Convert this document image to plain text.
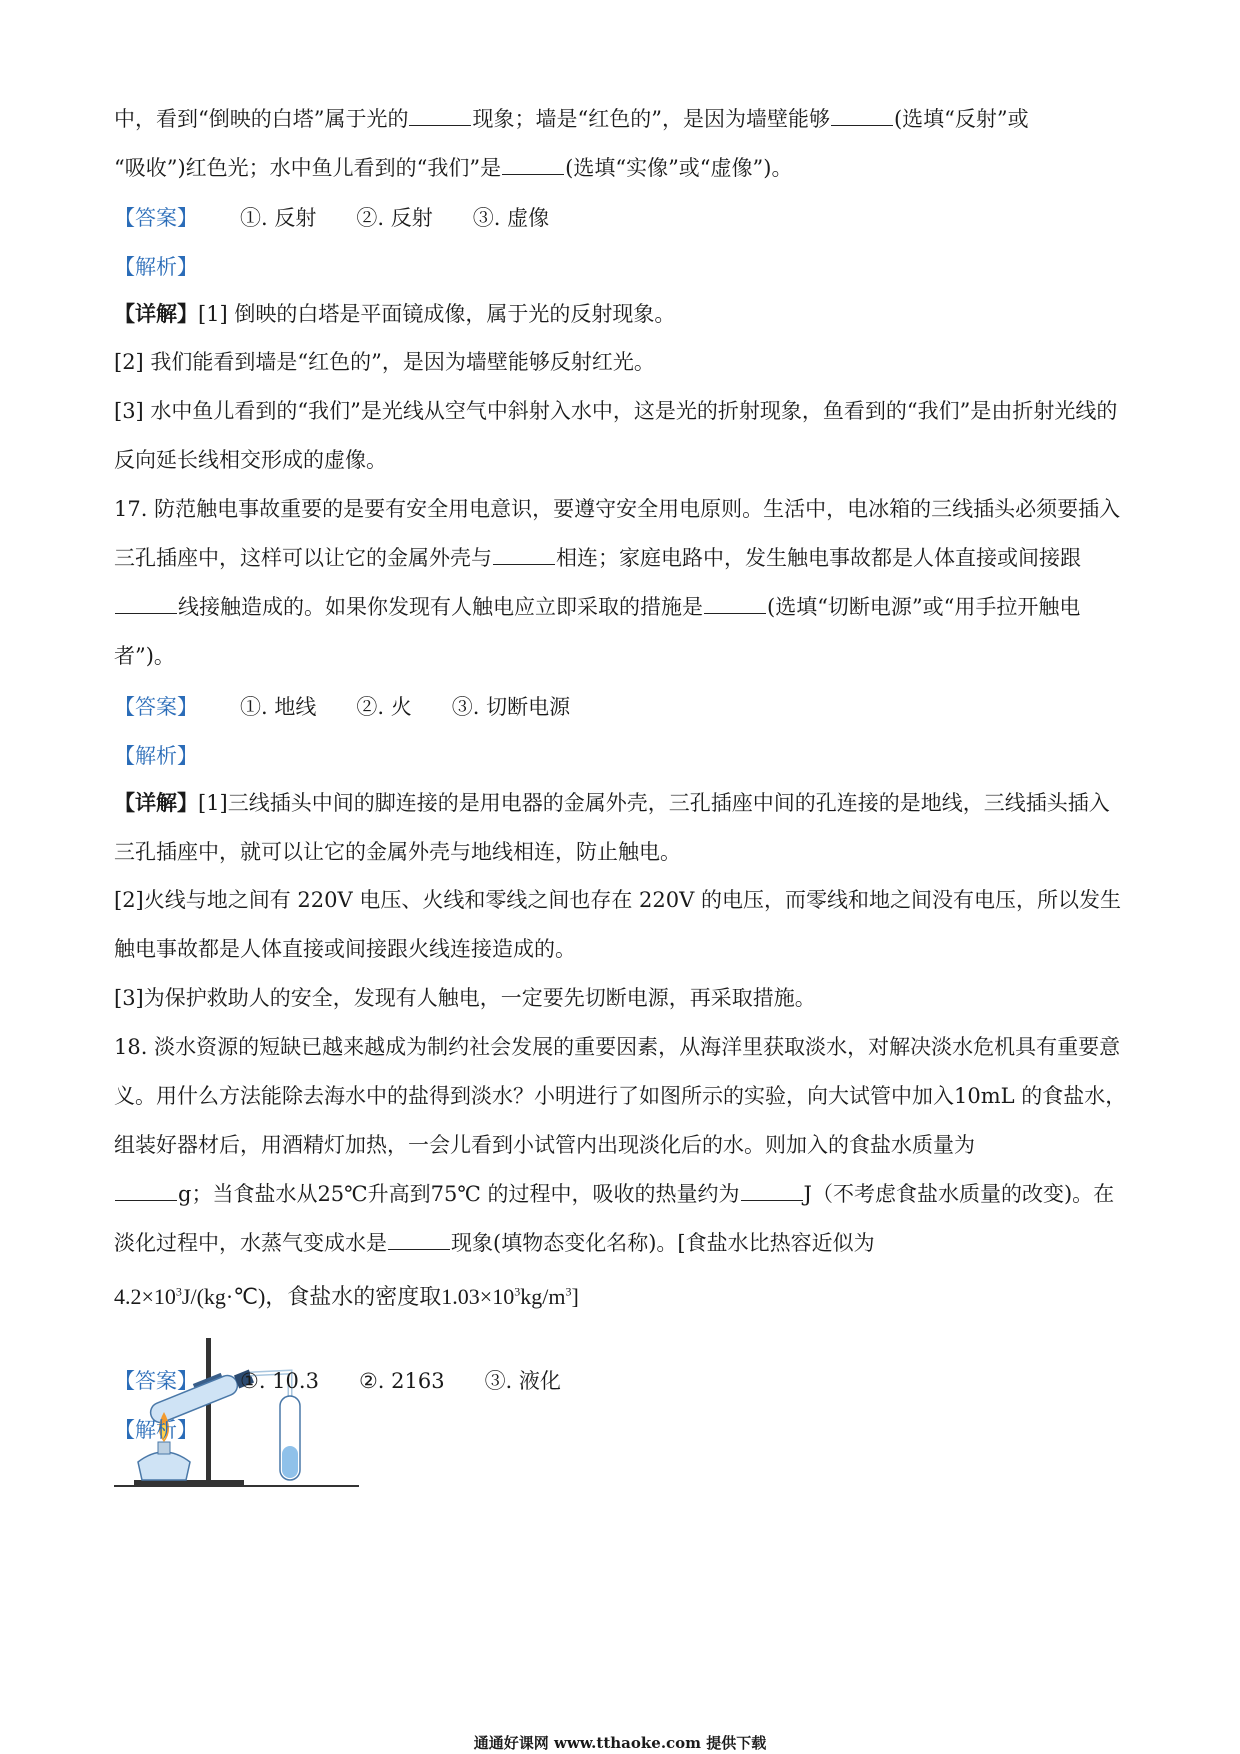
中，看到“倒映的白塔”属于光的	现象；墙是“红色的”，是因为墙壁能够	(选填“反射”或
“吸收”)红色光；水中鱼儿看到的“我们”是	(选填“实像”或“虚像”)。

【答案】 ①. 反射 ②. 反射 ③. 虚像
【解析】

【详解】[1] 倒映的白塔是平面镜成像，属于光的反射现象。

[2] 我们能看到墙是“红色的”，是因为墙壁能够反射红光。

[3] 水中鱼儿看到的“我们”是光线从空气中斜射入水中，这是光的折射现象，鱼看到的“我们”是由折射光线的反向延长线相交形成的虚像。

17. 防范触电事故重要的是要有安全用电意识，要遵守安全用电原则。生活中，电冰箱的三线插头必须要插入三孔插座中，这样可以让它的金属外壳与	相连；家庭电路中，发生触电事故都是人体直接或间接跟线接触造成的。如果你发现有人触电应立即采取的措施是	(选填“切断电源”或“用手拉开触电者”)。

【答案】 ①. 地线 ②. 火 ③. 切断电源
【解析】

【详解】[1]三线插头中间的脚连接的是用电器的金属外壳，三孔插座中间的孔连接的是地线，三线插头插入三孔插座中，就可以让它的金属外壳与地线相连，防止触电。

[2]火线与地之间有 220V 电压、火线和零线之间也存在 220V 的电压，而零线和地之间没有电压，所以发生触电事故都是人体直接或间接跟火线连接造成的。

[3]为保护救助人的安全，发现有人触电，一定要先切断电源，再采取措施。

18. 淡水资源的短缺已越来越成为制约社会发展的重要因素，从海洋里获取淡水，对解决淡水危机具有重要意义。用什么方法能除去海水中的盐得到淡水？小明进行了如图所示的实验，向大试管中加入10mL 的食盐水，组装好器材后，用酒精灯加热，一会儿看到小试管内出现淡化后的水。则加入的食盐水质量为
g；当食盐水从25℃升高到75℃ 的过程中，吸收的热量约为	J（不考虑食盐水质量的改变)。在淡化过程中，水蒸气变成水是	现象(填物态变化名称)。[食盐水比热容近似为

$4.2\times 10^3J/(kg\cdot℃)$，食盐水的密度取$1.03\times 10^3kg/m^3$]
【答案】 ①. 10.3 ②. 2163 ③. 液化
【解析】
通通好课网 www.tthaoke.com 提供下载
